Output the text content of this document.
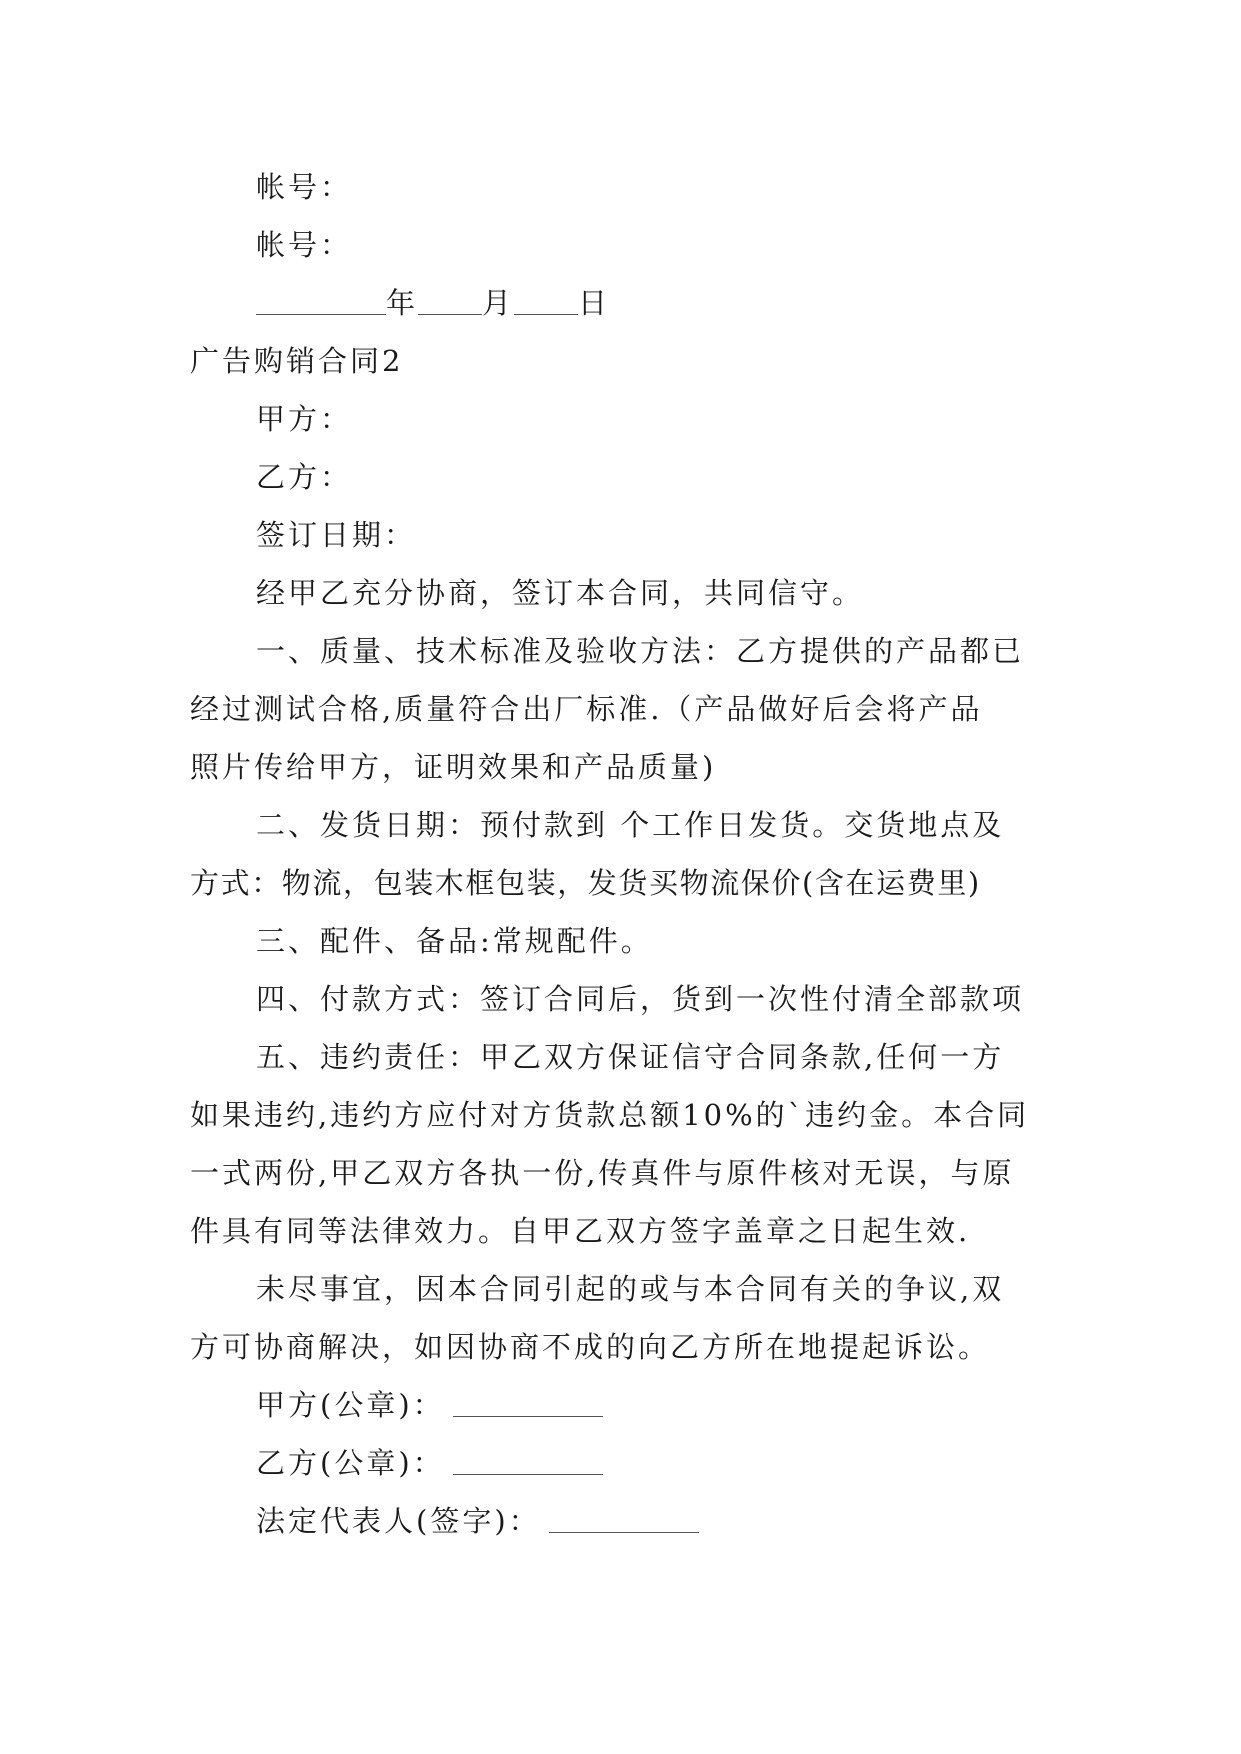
帐号：
帐号：
年 月 日
广告购销合同2
甲方：
乙方：
签订日期：
经甲乙充分协商，签订本合同，共同信守。
一、质量、技术标准及验收方法：乙方提供的产品都已
经过测试合格,质量符合出厂标准.（产品做好后会将产品
照片传给甲方，证明效果和产品质量)
二、发货日期：预付款到 个工作日发货。交货地点及
方式：物流，包装木框包装，发货买物流保价(含在运费里)
三、配件、备品:常规配件。
四、付款方式：签订合同后，货到一次性付清全部款项
五、违约责任：甲乙双方保证信守合同条款,任何一方
如果违约,违约方应付对方货款总额10%的`违约金。本合同
一式两份,甲乙双方各执一份,传真件与原件核对无误，与原
件具有同等法律效力。自甲乙双方签字盖章之日起生效.
未尽事宜，因本合同引起的或与本合同有关的争议,双
方可协商解决，如因协商不成的向乙方所在地提起诉讼。
甲方(公章)：
乙方(公章)：
法定代表人(签字)：
